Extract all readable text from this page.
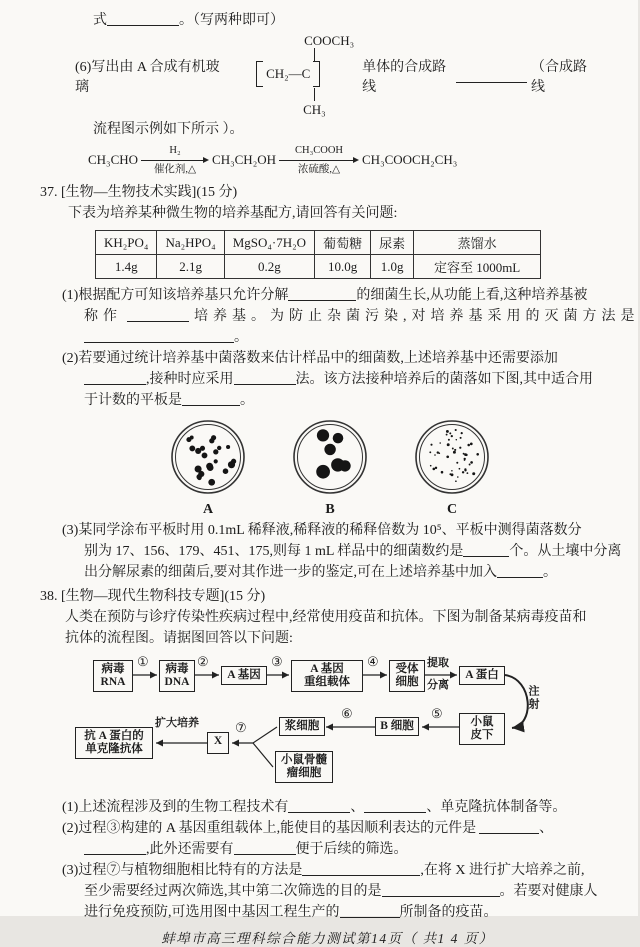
式	。（写两种即可）
(6)写出由 A 合成有机玻璃
COOCH₃
CH₂ — C
CH₃
单体的合成路线
（合成路线
流程图示例如下所示 ）。
CH₃CHO
H₂
催化剂,△
CH₃CH₂OH
CH₃COOH
浓硫酸,△
CH₃COOCH₂CH₃
37. [生物—生物技术实践](15 分)
下表为培养某种微生物的培养基配方,请回答有关问题:
KH₂PO₄	Na₂HPO₄	MgSO₄·7H₂O	葡萄糖	尿素	蒸馏水
1.4g	2.1g	0.2g	10.0g	1.0g	定容至 1000mL
(1)根据配方可知该培养基只允许分解	的细菌生长,从功能上看,这种培养基被
称作	培养基。为防止杂菌污染,对培养基采用的灭菌方法是
。
(2)若要通过统计培养基中菌落数来估计样品中的细菌数,上述培养基中还需要添加
,接种时应采用	法。该方法接种培养后的菌落如下图,其中适合用
于计数的平板是	。
A	B	C
(3)某同学涂布平板时用 0.1mL 稀释液,稀释液的稀释倍数为 10⁵、平板中测得菌落数分
别为 17、156、179、451、175,则每 1 mL 样品中的细菌数约是	个。从土壤中分离
出分解尿素的细菌后,要对其作进一步的鉴定,可在上述培养基中加入	。
38. [生物—现代生物科技专题](15 分)
人类在预防与诊疗传染性疾病过程中,经常使用疫苗和抗体。下图为制备某病毒疫苗和
抗体的流程图。请据图回答以下问题:
病毒
RNA
①	病毒
DNA
②
A 基因
③	A 基因
重组载体
④	受体
细胞
提取
分离
A 蛋白
注射
小鼠
皮下
⑤
B 细胞
⑥
浆细胞
小鼠骨髓
瘤细胞
⑦
X
扩大培养
抗 A 蛋白的
单克隆抗体
(1)上述流程涉及到的生物工程技术有	、	、单克隆抗体制备等。
(2)过程③构建的 A 基因重组载体上,能使目的基因顺利表达的元件是	、
,此外还需要有	便于后续的筛选。
(3)过程⑦与植物细胞相比特有的方法是	,在将 X 进行扩大培养之前,
至少需要经过两次筛选,其中第二次筛选的目的是	。若要对健康人
进行免疫预防,可选用图中基因工程生产的	所制备的疫苗。
蚌埠市高三理科综合能力测试第14页（ 共1 4 页）
